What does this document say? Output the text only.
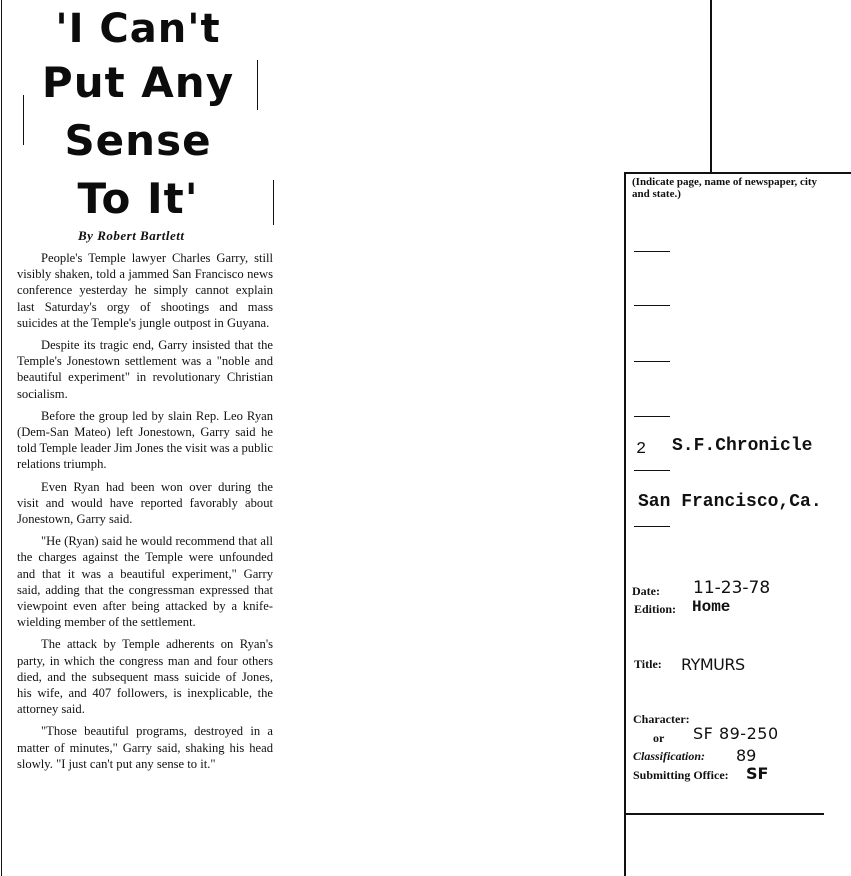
'I Can't
Put Any
Sense
To It'
By Robert Bartlett

People's Temple lawyer Charles Garry, still visibly shaken, told a jammed San Francisco news conference yesterday he simply cannot explain last Saturday's orgy of shootings and mass suicides at the Temple's jungle outpost in Guyana.

Despite its tragic end, Garry insisted that the Temple's Jonestown settlement was a "noble and beautiful experiment" in revolutionary Christian socialism.

Before the group led by slain Rep. Leo Ryan (Dem-San Mateo) left Jonestown, Garry said he told Temple leader Jim Jones the visit was a public relations triumph.

Even Ryan had been won over during the visit and would have reported favorably about Jonestown, Garry said.

"He (Ryan) said he would recommend that all the charges against the Temple were unfounded and that it was a beautiful experiment," Garry said, adding that the congressman expressed that viewpoint even after being attacked by a knife-wielding member of the settlement.

The attack by Temple adherents on Ryan's party, in which the congress man and four others died, and the subsequent mass suicide of Jones, his wife, and 407 followers, is inexplicable, the attorney said.

"Those beautiful programs, destroyed in a matter of minutes," Garry said, shaking his head slowly. "I just can't put any sense to it."

(Indicate page, name of newspaper, city and state.)
2 S.F.Chronicle
San Francisco,Ca.
Date: 11-23-78
Edition: Home
Title: RYMURS
Character:
or SF 89-250
Classification: 89
Submitting Office: SF
